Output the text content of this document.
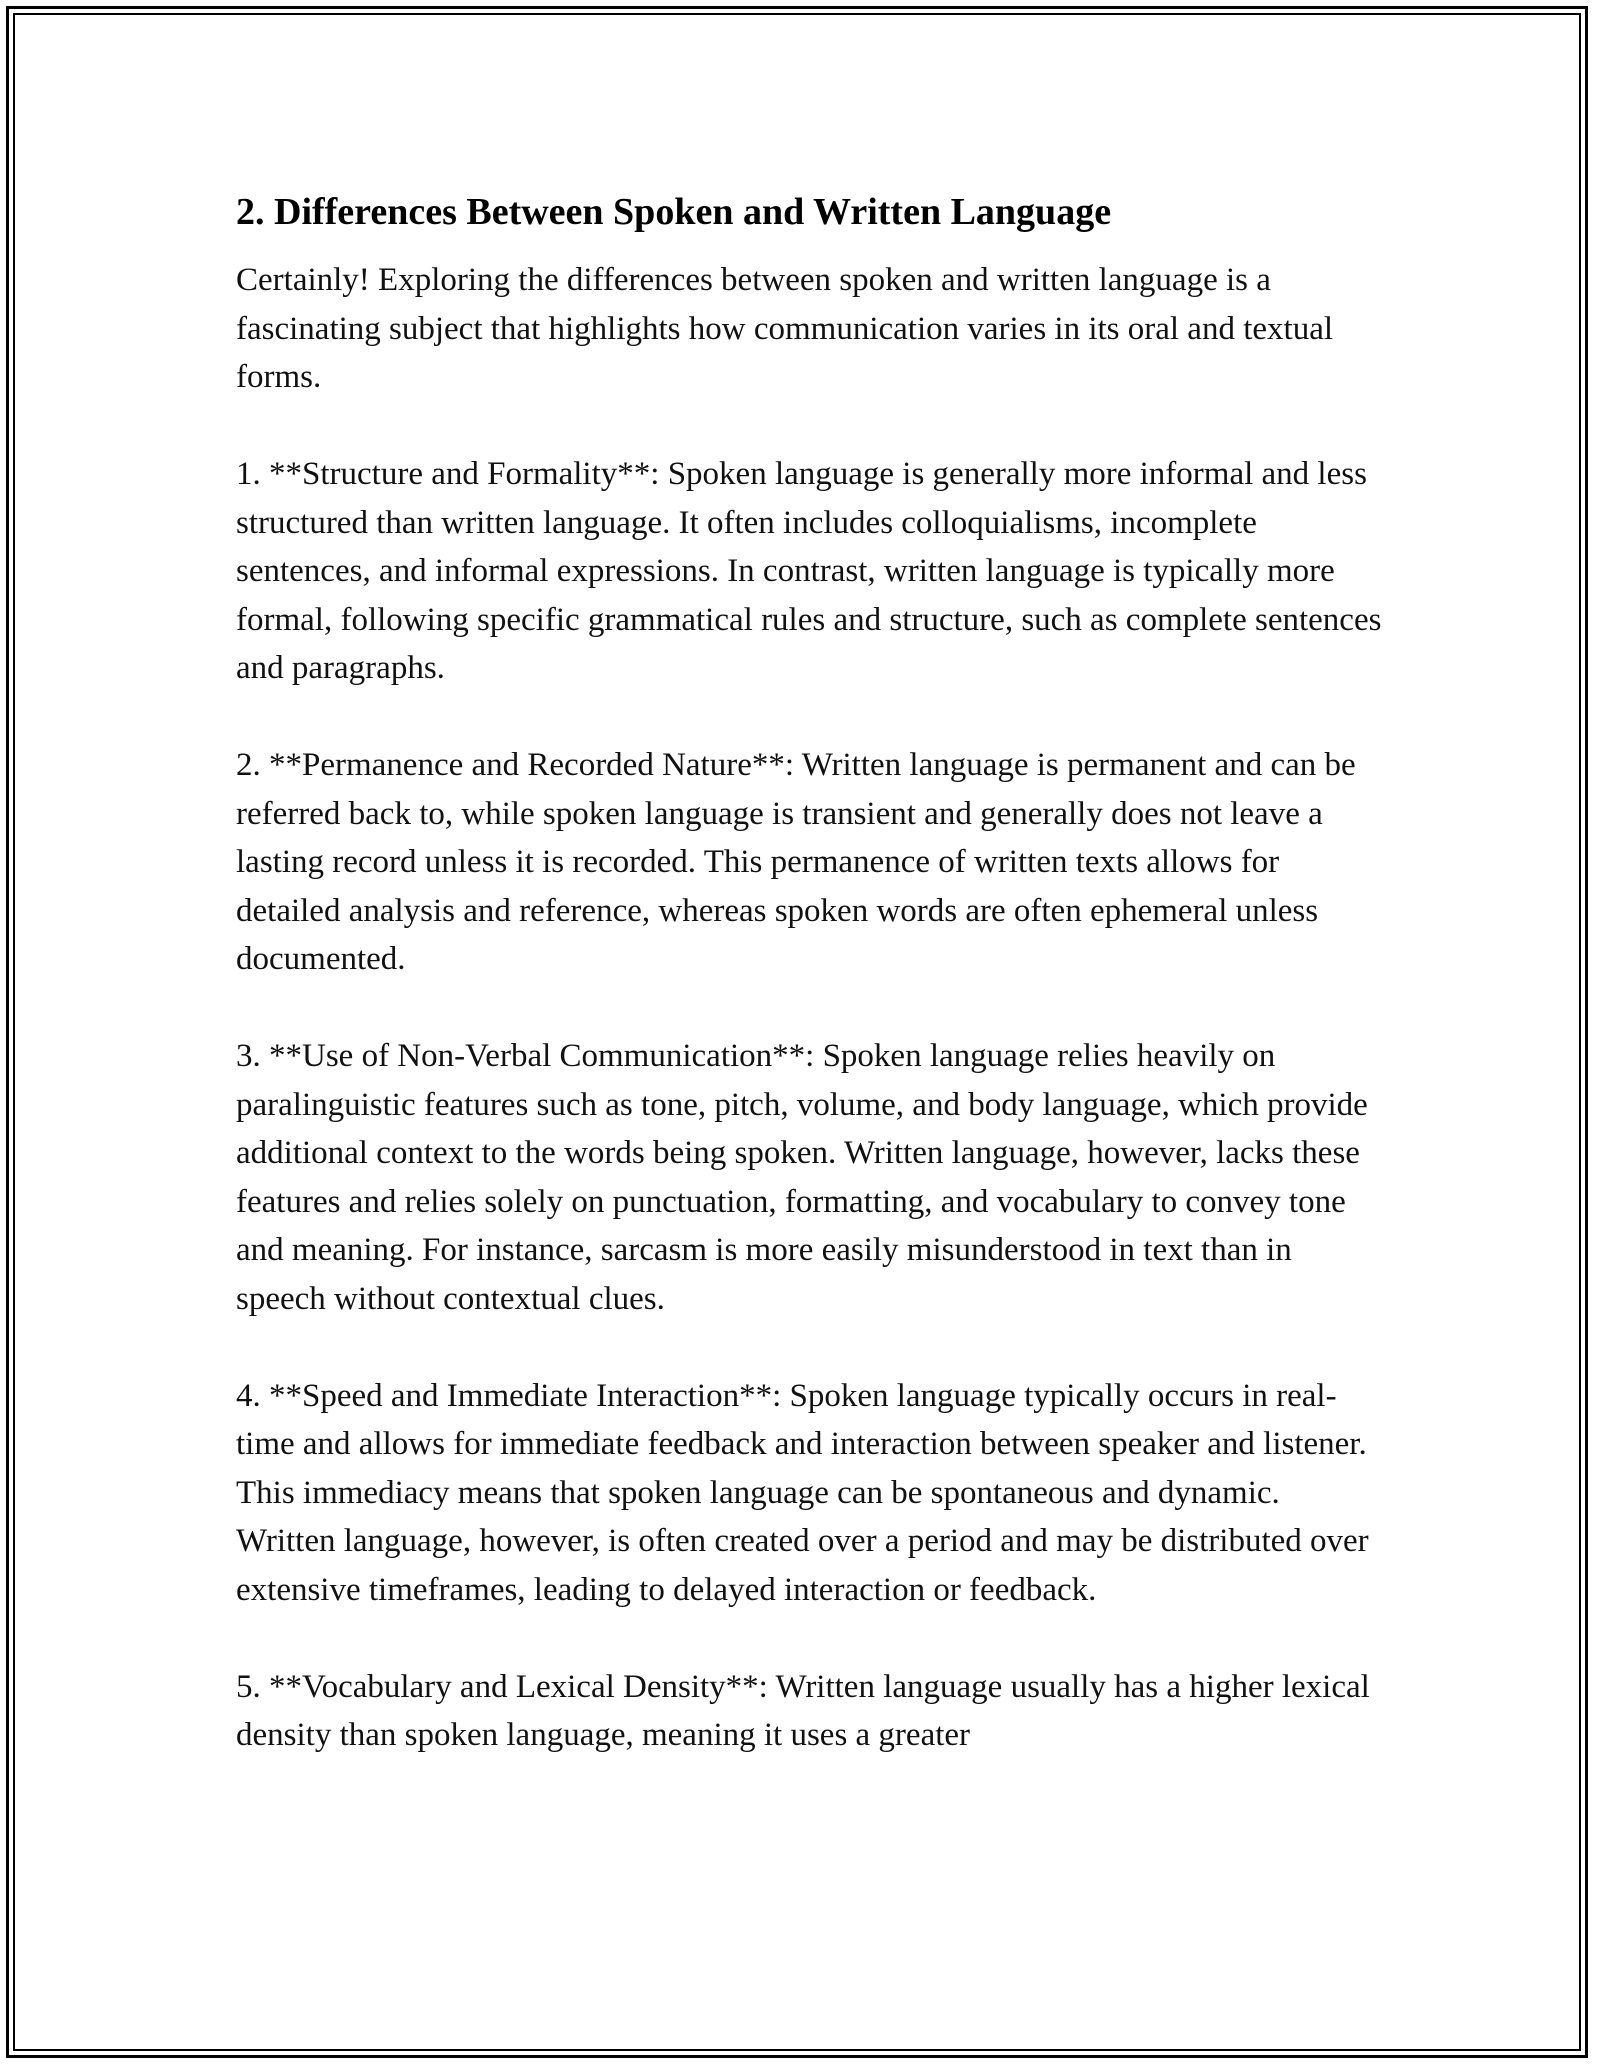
2. Differences Between Spoken and Written Language

Certainly! Exploring the differences between spoken and written language is a fascinating subject that highlights how communication varies in its oral and textual forms.

1. **Structure and Formality**: Spoken language is generally more informal and less structured than written language. It often includes colloquialisms, incomplete sentences, and informal expressions. In contrast, written language is typically more formal, following specific grammatical rules and structure, such as complete sentences and paragraphs.

2. **Permanence and Recorded Nature**: Written language is permanent and can be referred back to, while spoken language is transient and generally does not leave a lasting record unless it is recorded. This permanence of written texts allows for detailed analysis and reference, whereas spoken words are often ephemeral unless documented.

3. **Use of Non-Verbal Communication**: Spoken language relies heavily on paralinguistic features such as tone, pitch, volume, and body language, which provide additional context to the words being spoken. Written language, however, lacks these features and relies solely on punctuation, formatting, and vocabulary to convey tone and meaning. For instance, sarcasm is more easily misunderstood in text than in speech without contextual clues.

4. **Speed and Immediate Interaction**: Spoken language typically occurs in real-time and allows for immediate feedback and interaction between speaker and listener. This immediacy means that spoken language can be spontaneous and dynamic. Written language, however, is often created over a period and may be distributed over extensive timeframes, leading to delayed interaction or feedback.

5. **Vocabulary and Lexical Density**: Written language usually has a higher lexical density than spoken language, meaning it uses a greater
